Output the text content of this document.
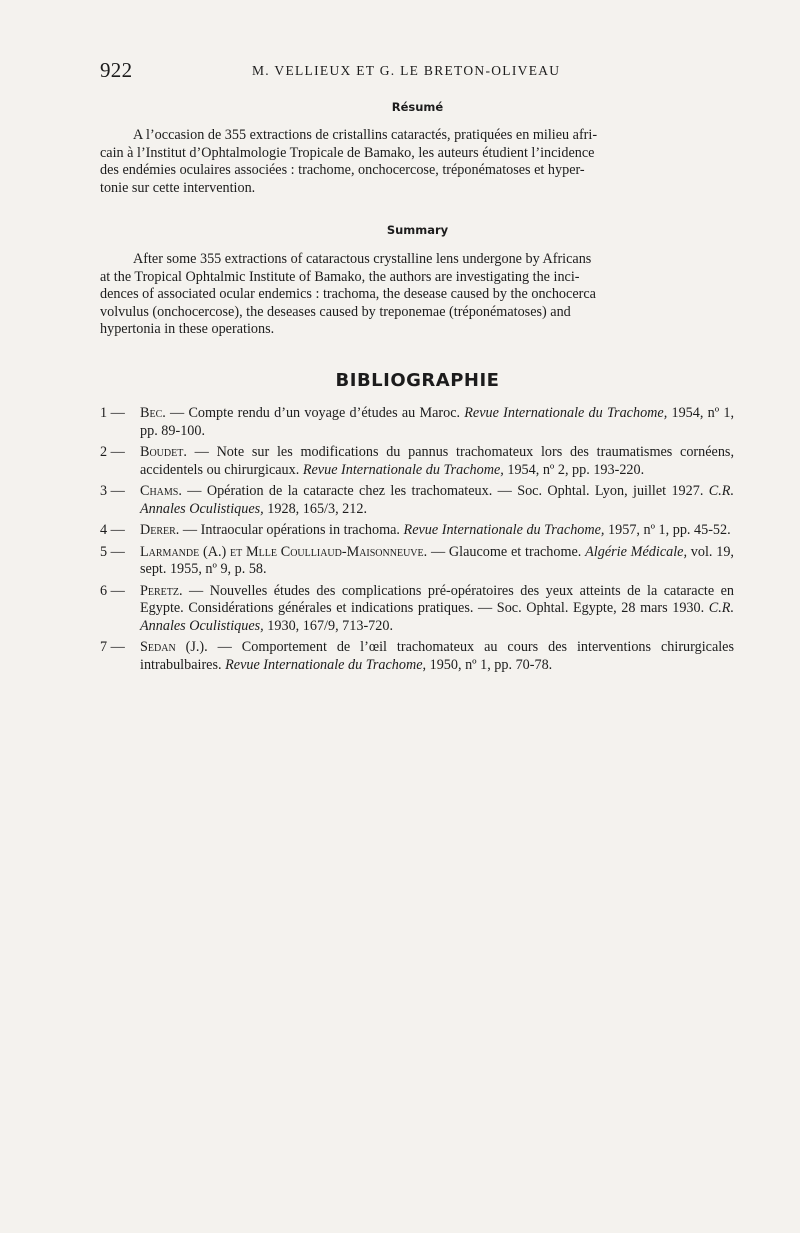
922	M. VELLIEUX ET G. LE BRETON-OLIVEAU
Résumé

A l’occasion de 355 extractions de cristallins cataractés, pratiquées en milieu afri-
cain à l’Institut d’Ophtalmologie Tropicale de Bamako, les auteurs étudient l’incidence
des endémies oculaires associées : trachome, onchocercose, tréponématoses et hyper-
tonie sur cette intervention.

Summary

After some 355 extractions of cataractous crystalline lens undergone by Africans
at the Tropical Ophtalmic Institute of Bamako, the authors are investigating the inci-
dences of associated ocular endemics : trachoma, the desease caused by the onchocerca
volvulus (onchocercose), the deseases caused by treponemae (tréponématoses) and
hypertonia in these operations.

BIBLIOGRAPHIE

1 —	Bec. — Compte rendu d’un voyage d’études au Maroc. Revue Internationale du Trachome, 1954, nº 1, pp. 89-100.

2 —	Boudet. — Note sur les modifications du pannus trachomateux lors des traumatismes cornéens, accidentels ou chirurgicaux. Revue Internationale du Trachome, 1954, nº 2, pp. 193-220.

3 —	Chams. — Opération de la cataracte chez les trachomateux. — Soc. Ophtal. Lyon, juillet 1927. C.R. Annales Oculistiques, 1928, 165/3, 212.

4 —	Derer. — Intraocular opérations in trachoma. Revue Internationale du Trachome, 1957, nº 1, pp. 45-52.

5 —	Larmande (A.) et Mlle Coulliaud-Maisonneuve. — Glaucome et trachome. Algérie Médicale, vol. 19, sept. 1955, nº 9, p. 58.

6 —	Peretz. — Nouvelles études des complications pré-opératoires des yeux atteints de la cataracte en Egypte. Considérations générales et indications pratiques. — Soc. Ophtal. Egypte, 28 mars 1930. C.R. Annales Oculistiques, 1930, 167/9, 713-720.

7 —	Sedan (J.). — Comportement de l’œil trachomateux au cours des interventions chirurgicales intrabulbaires. Revue Internationale du Trachome, 1950, nº 1, pp. 70-78.
